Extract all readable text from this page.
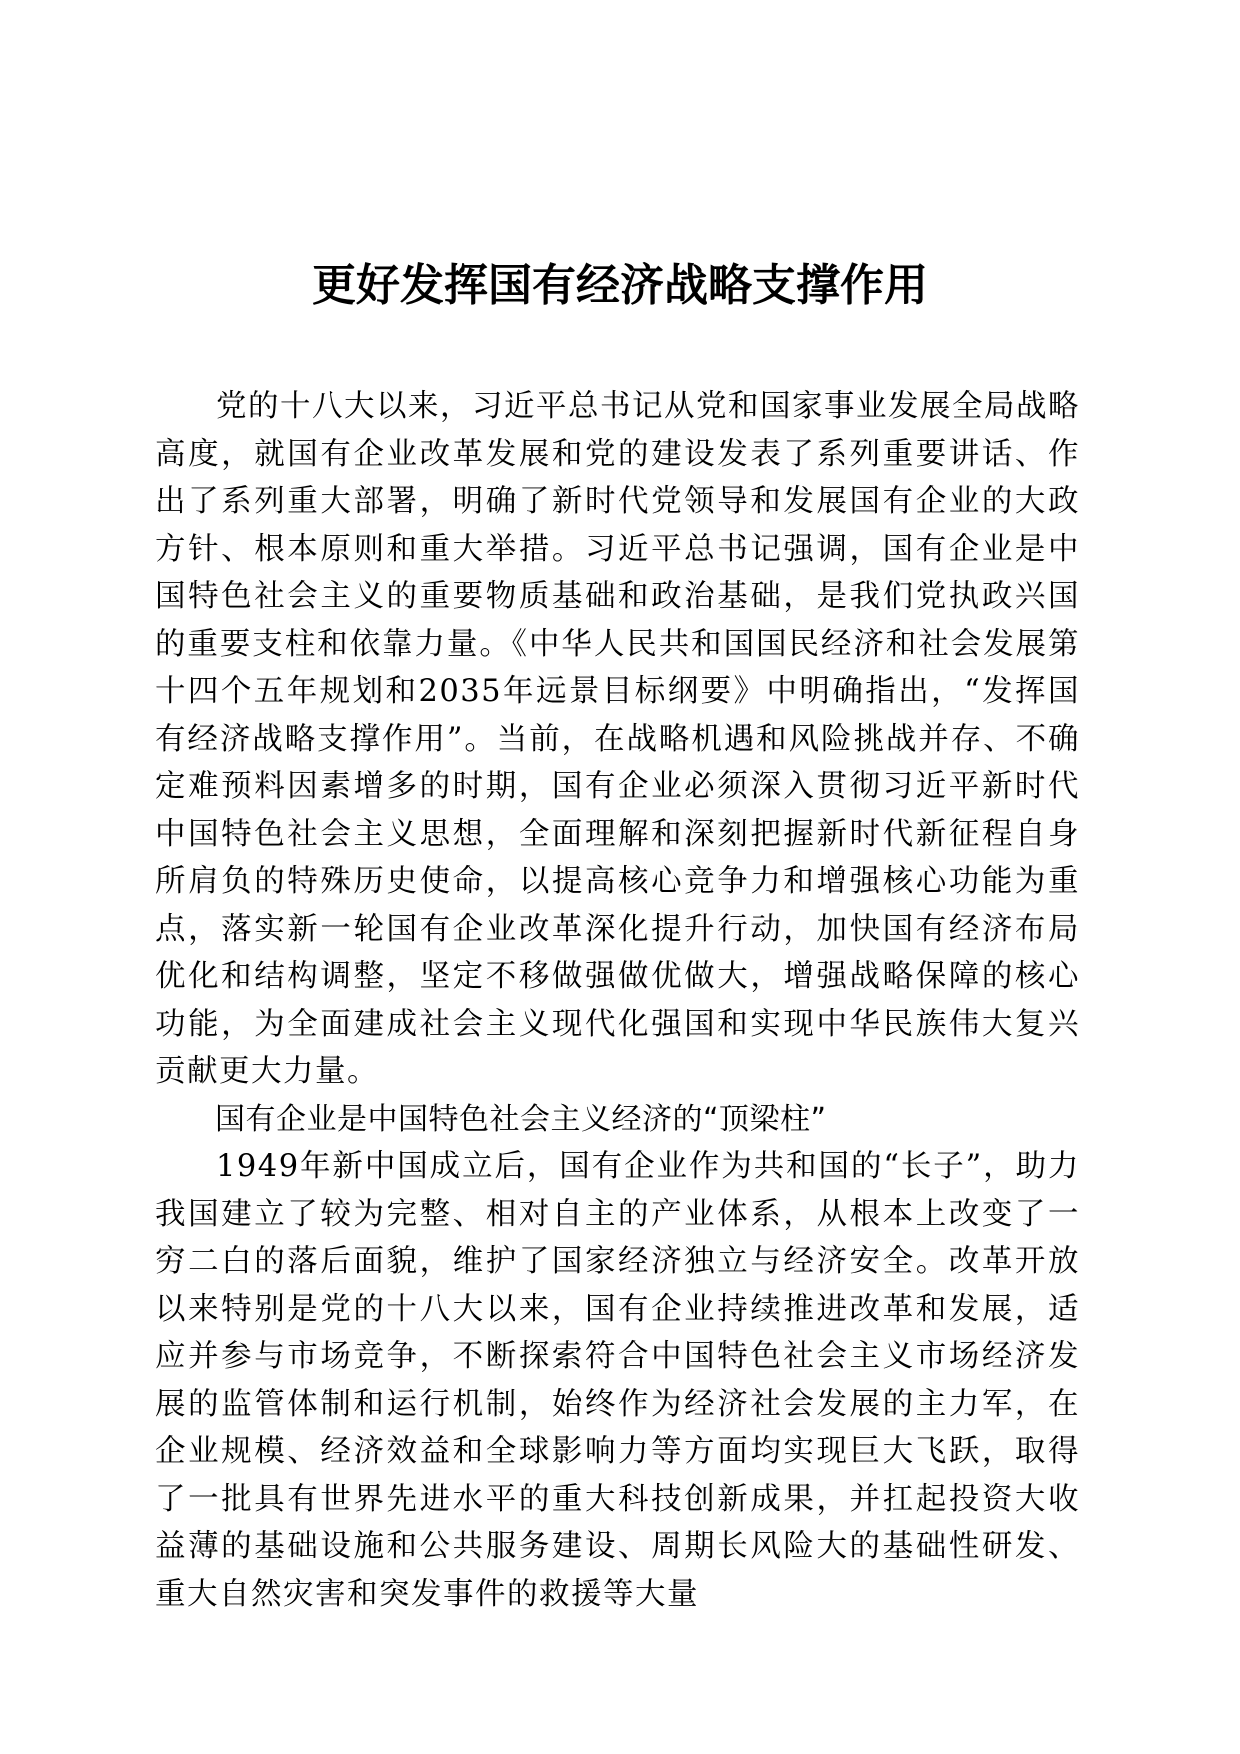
更好发挥国有经济战略支撑作用

党的十八大以来，习近平总书记从党和国家事业发展全局战略高度，就国有企业改革发展和党的建设发表了系列重要讲话、作出了系列重大部署，明确了新时代党领导和发展国有企业的大政方针、根本原则和重大举措。习近平总书记强调，国有企业是中国特色社会主义的重要物质基础和政治基础，是我们党执政兴国的重要支柱和依靠力量。《中华人民共和国国民经济和社会发展第十四个五年规划和2035年远景目标纲要》中明确指出，“发挥国有经济战略支撑作用”。当前，在战略机遇和风险挑战并存、不确定难预料因素增多的时期，国有企业必须深入贯彻习近平新时代中国特色社会主义思想，全面理解和深刻把握新时代新征程自身所肩负的特殊历史使命，以提高核心竞争力和增强核心功能为重点，落实新一轮国有企业改革深化提升行动，加快国有经济布局优化和结构调整，坚定不移做强做优做大，增强战略保障的核心功能，为全面建成社会主义现代化强国和实现中华民族伟大复兴贡献更大力量。

国有企业是中国特色社会主义经济的“顶梁柱”

1949年新中国成立后，国有企业作为共和国的“长子”，助力我国建立了较为完整、相对自主的产业体系，从根本上改变了一穷二白的落后面貌，维护了国家经济独立与经济安全。改革开放以来特别是党的十八大以来，国有企业持续推进改革和发展，适应并参与市场竞争，不断探索符合中国特色社会主义市场经济发展的监管体制和运行机制，始终作为经济社会发展的主力军，在企业规模、经济效益和全球影响力等方面均实现巨大飞跃，取得了一批具有世界先进水平的重大科技创新成果，并扛起投资大收益薄的基础设施和公共服务建设、周期长风险大的基础性研发、重大自然灾害和突发事件的救援等大量
